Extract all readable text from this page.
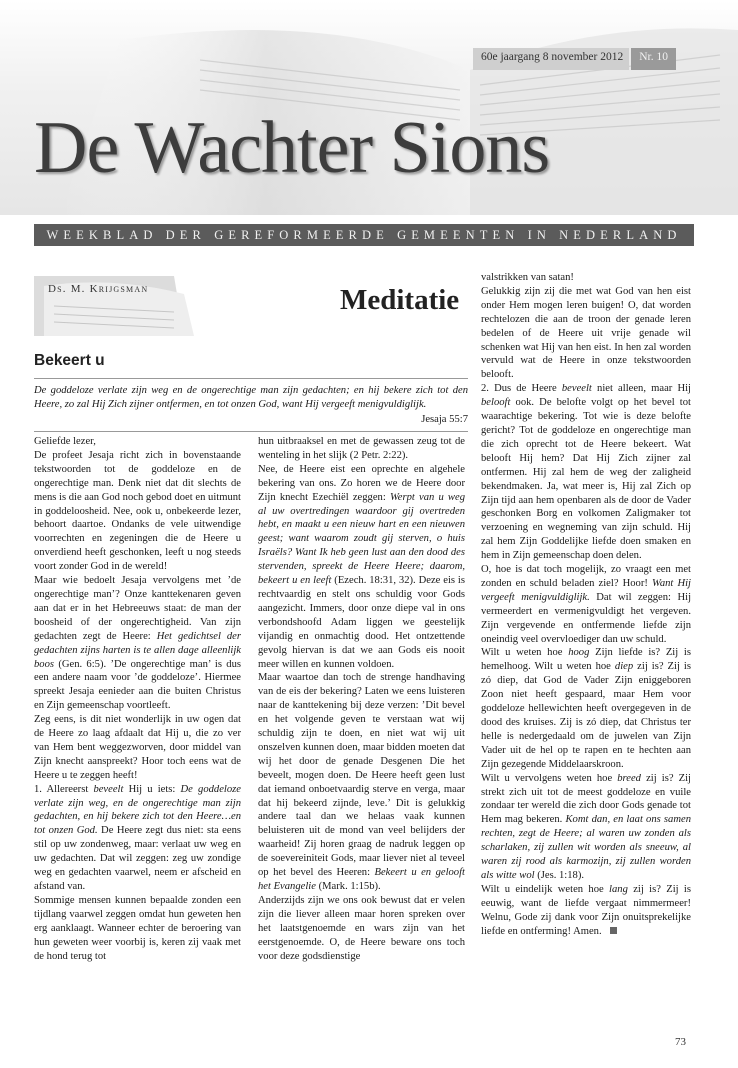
60e jaargang 8 november 2012	Nr. 10
De Wachter Sions
WEEKBLAD DER GEREFORMEERDE GEMEENTEN IN NEDERLAND
Ds. M. Krijgsman	Meditatie
Bekeert u
De goddeloze verlate zijn weg en de ongerechtige man zijn gedachten; en hij bekere zich tot den Heere, zo zal Hij Zich zijner ontfermen, en tot onzen God, want Hij vergeeft menigvuldiglijk.
Jesaja 55:7

Geliefde lezer,

De profeet Jesaja richt zich in bovenstaande tekstwoorden tot de goddeloze en de ongerechtige man. Denk niet dat dit slechts de mens is die aan God noch gebod doet en uitmunt in goddeloosheid. Nee, ook u, onbekeerde lezer, behoort daartoe. Ondanks de vele uitwendige voorrechten en zegeningen die de Heere u onverdiend heeft geschonken, leeft u nog steeds voort zonder God in de wereld!

Maar wie bedoelt Jesaja vervolgens met ’de ongerechtige man’? Onze kanttekenaren geven aan dat er in het Hebreeuws staat: de man der boosheid of der ongerechtigheid. Van zijn gedachten zegt de Heere: Het gedichtsel der gedachten zijns harten is te allen dage alleenlijk boos (Gen. 6:5). ’De ongerechtige man’ is dus een andere naam voor ’de goddeloze’. Hiermee spreekt Jesaja eenieder aan die buiten Christus en Zijn gemeenschap voortleeft.

Zeg eens, is dit niet wonderlijk in uw ogen dat de Heere zo laag afdaalt dat Hij u, die zo ver van Hem bent weggezworven, door middel van Zijn knecht aanspreekt? Hoor toch eens wat de Heere u te zeggen heeft!

1. Allereerst beveelt Hij u iets: De goddeloze verlate zijn weg, en de ongerechtige man zijn gedachten, en hij bekere zich tot den Heere…en tot onzen God. De Heere zegt dus niet: sta eens stil op uw zondenweg, maar: verlaat uw weg en uw gedachten. Dat wil zeggen: zeg uw zondige weg en gedachten vaarwel, neem er afscheid en afstand van.

Sommige mensen kunnen bepaalde zonden een tijdlang vaarwel zeggen omdat hun geweten hen erg aanklaagt. Wanneer echter de beroering van hun geweten weer voorbij is, keren zij vaak met de hond terug tot

hun uitbraaksel en met de gewassen zeug tot de wenteling in het slijk (2 Petr. 2:22).

Nee, de Heere eist een oprechte en algehele bekering van ons. Zo horen we de Heere door Zijn knecht Ezechiël zeggen: Werpt van u weg al uw overtredingen waardoor gij overtreden hebt, en maakt u een nieuw hart en een nieuwen geest; want waarom zoudt gij sterven, o huis Israëls? Want Ik heb geen lust aan den dood des stervenden, spreekt de Heere Heere; daarom, bekeert u en leeft (Ezech. 18:31, 32). Deze eis is rechtvaardig en stelt ons schuldig voor Gods aangezicht. Immers, door onze diepe val in ons verbondshoofd Adam liggen we geestelijk vijandig en onmachtig dood. Het ontzettende gevolg hiervan is dat we aan Gods eis nooit meer willen en kunnen voldoen.

Maar waartoe dan toch de strenge handhaving van de eis der bekering? Laten we eens luisteren naar de kanttekening bij deze verzen: ’Dit bevel en het volgende geven te verstaan wat wij schuldig zijn te doen, en niet wat wij uit onszelven kunnen doen, maar bidden moeten dat wij het door de genade Desgenen Die het beveelt, mogen doen. De Heere heeft geen lust dat iemand onboetvaardig sterve en verga, maar dat hij bekeerd zijnde, leve.’ Dit is gelukkig andere taal dan we helaas vaak kunnen beluisteren uit de mond van veel belijders der waarheid! Zij horen graag de nadruk leggen op de soevereiniteit Gods, maar liever niet al teveel op het bevel des Heeren: Bekeert u en gelooft het Evangelie (Mark. 1:15b).

Anderzijds zijn we ons ook bewust dat er velen zijn die liever alleen maar horen spreken over het laatstgenoemde en wars zijn van het eerstgenoemde. O, de Heere beware ons toch voor deze godsdienstige

valstrikken van satan!

Gelukkig zijn zij die met wat God van hen eist onder Hem mogen leren buigen! O, dat worden rechtelozen die aan de troon der genade leren bedelen of de Heere uit vrije genade wil schenken wat Hij van hen eist. In hen zal worden vervuld wat de Heere in onze tekstwoorden belooft.

2. Dus de Heere beveelt niet alleen, maar Hij belooft ook. De belofte volgt op het bevel tot waarachtige bekering. Tot wie is deze belofte gericht? Tot de goddeloze en ongerechtige man die zich oprecht tot de Heere bekeert. Wat belooft Hij hem? Dat Hij Zich zijner zal ontfermen. Hij zal hem de weg der zaligheid bekendmaken. Ja, wat meer is, Hij zal Zich op Zijn tijd aan hem openbaren als de door de Vader geschonken Borg en volkomen Zaligmaker tot verzoening en wegneming van zijn schuld. Hij zal hem Zijn Goddelijke liefde doen smaken en hem in Zijn gemeenschap doen delen.

O, hoe is dat toch mogelijk, zo vraagt een met zonden en schuld beladen ziel? Hoor! Want Hij vergeeft menigvuldiglijk. Dat wil zeggen: Hij vermeerdert en vermenigvuldigt het vergeven. Zijn vergevende en ontfermende liefde zijn oneindig veel overvloediger dan uw schuld.

Wilt u weten hoe hoog Zijn liefde is? Zij is hemelhoog. Wilt u weten hoe diep zij is? Zij is zó diep, dat God de Vader Zijn eniggeboren Zoon niet heeft gespaard, maar Hem voor goddeloze hellewichten heeft overgegeven in de dood des kruises. Zij is zó diep, dat Christus ter helle is nedergedaald om de juwelen van Zijn Vader uit de hel op te rapen en te hechten aan Zijn gezegende Middelaarskroon.

Wilt u vervolgens weten hoe breed zij is? Zij strekt zich uit tot de meest goddeloze en vuile zondaar ter wereld die zich door Gods genade tot Hem mag bekeren. Komt dan, en laat ons samen rechten, zegt de Heere; al waren uw zonden als scharlaken, zij zullen wit worden als sneeuw, al waren zij rood als karmozijn, zij zullen worden als witte wol (Jes. 1:18).

Wilt u eindelijk weten hoe lang zij is? Zij is eeuwig, want de liefde vergaat nimmermeer! Welnu, Gode zij dank voor Zijn onuitsprekelijke liefde en ontferming! Amen.

73
